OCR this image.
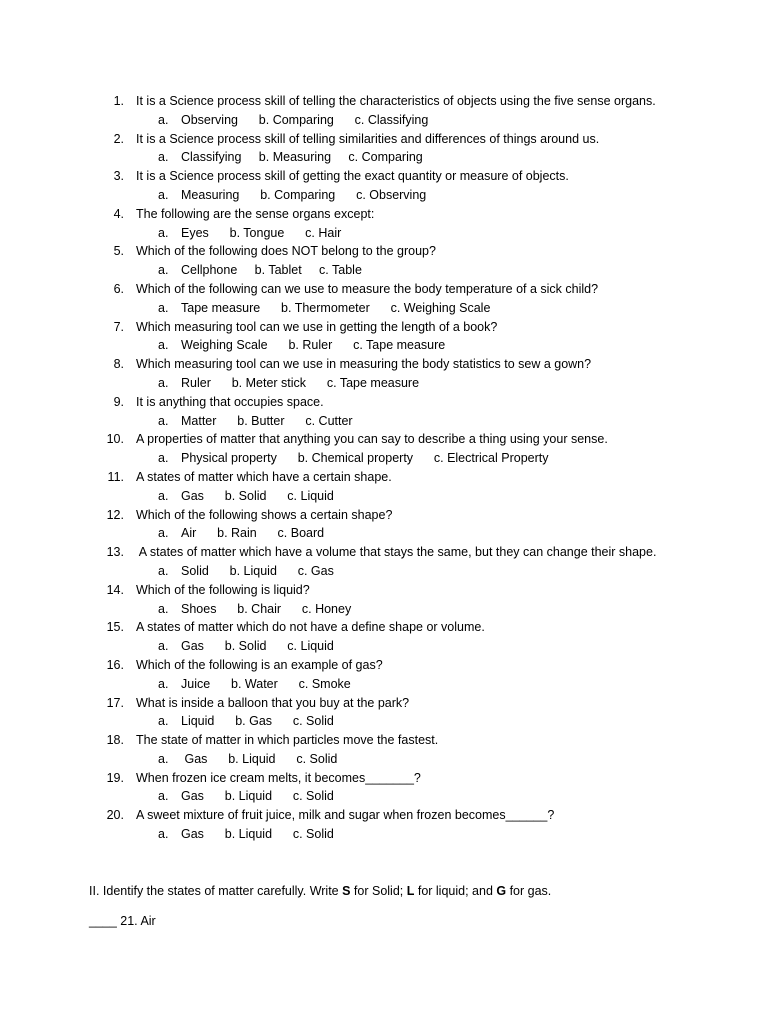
1. It is a Science process skill of telling the characteristics of objects using the five sense organs.
a. Observing      b. Comparing      c. Classifying
2. It is a Science process skill of telling similarities and differences of things around us.
a. Classifying     b. Measuring     c. Comparing
3. It is a Science process skill of getting the exact quantity or measure of objects.
a. Measuring      b. Comparing      c. Observing
4. The following are the sense organs except:
a. Eyes      b. Tongue      c. Hair
5. Which of the following does NOT belong to the group?
a. Cellphone     b. Tablet     c. Table
6. Which of the following can we use to measure the body temperature of a sick child?
a. Tape measure      b. Thermometer      c. Weighing Scale
7. Which measuring tool can we use in getting the length of a book?
a. Weighing Scale      b. Ruler      c. Tape measure
8. Which measuring tool can we use in measuring the body statistics to sew a gown?
a. Ruler      b. Meter stick      c. Tape measure
9. It is anything that occupies space.
a. Matter      b. Butter      c. Cutter
10. A properties of matter that anything you can say to describe a thing using your sense.
a. Physical property      b. Chemical property      c. Electrical Property
11. A states of matter which have a certain shape.
a. Gas      b. Solid      c. Liquid
12. Which of the following shows a certain shape?
a. Air      b. Rain      c. Board
13. A states of matter which have a volume that stays the same, but they can change their shape.
a. Solid      b. Liquid      c. Gas
14. Which of the following is liquid?
a. Shoes      b. Chair      c. Honey
15. A states of matter which do not have a define shape or volume.
a. Gas      b. Solid      c. Liquid
16. Which of the following is an example of gas?
a. Juice      b. Water      c. Smoke
17. What is inside a balloon that you buy at the park?
a. Liquid      b. Gas      c. Solid
18. The state of matter in which particles move the fastest.
a. Gas      b. Liquid      c. Solid
19. When frozen ice cream melts, it becomes_______?
a. Gas      b. Liquid      c. Solid
20. A sweet mixture of fruit juice, milk and sugar when frozen becomes______?
a. Gas      b. Liquid      c. Solid
II. Identify the states of matter carefully. Write S for Solid; L for liquid; and G for gas.
____ 21. Air
